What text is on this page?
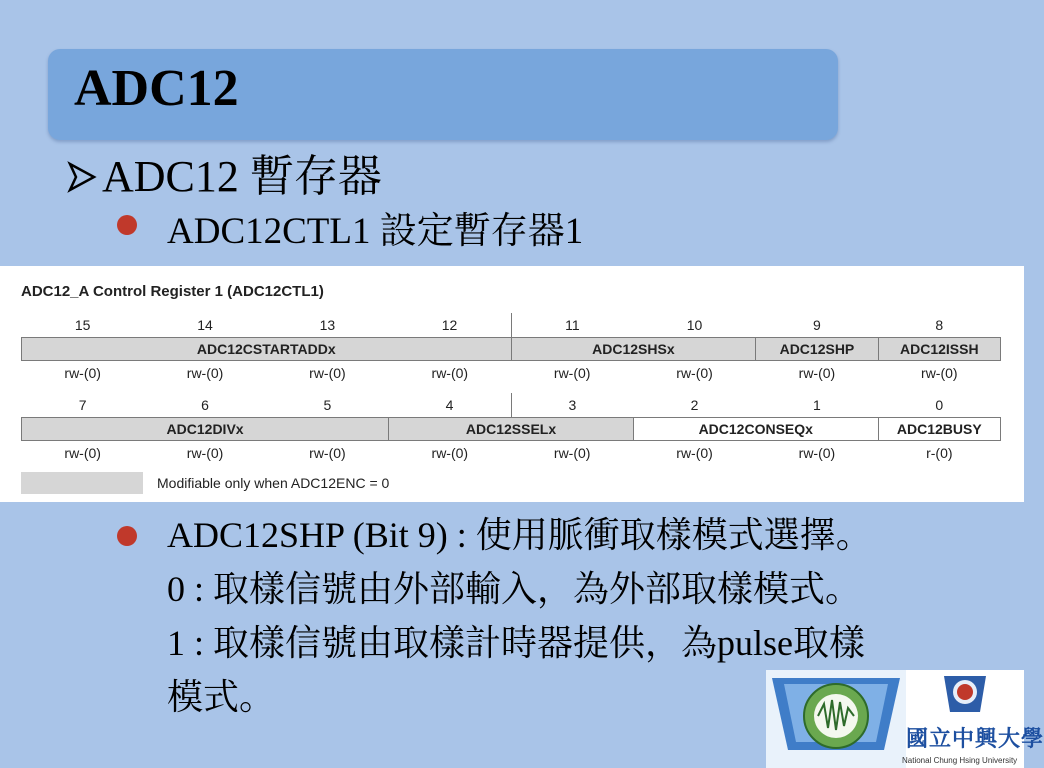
ADC12
ADC12 暫存器
ADC12CTL1 設定暫存器1
ADC12_A Control Register 1 (ADC12CTL1)
15	14	13	12	11	10	9	8
ADC12CSTARTADDx				ADC12SHSx		ADC12SHP	ADC12ISSH
rw-(0)	rw-(0)	rw-(0)	rw-(0)	rw-(0)	rw-(0)	rw-(0)	rw-(0)
7	6	5	4	3	2	1	0
ADC12DIVx			ADC12SSELx		ADC12CONSEQx		ADC12BUSY
rw-(0)	rw-(0)	rw-(0)	rw-(0)	rw-(0)	rw-(0)	rw-(0)	r-(0)
Modifiable only when ADC12ENC = 0
ADC12SHP (Bit 9) : 使用脈衝取樣模式選擇。
0 : 取樣信號由外部輸入，為外部取樣模式。
1 : 取樣信號由取樣計時器提供，為pulse取樣
模式。
國立中興大學
National Chung Hsing University
